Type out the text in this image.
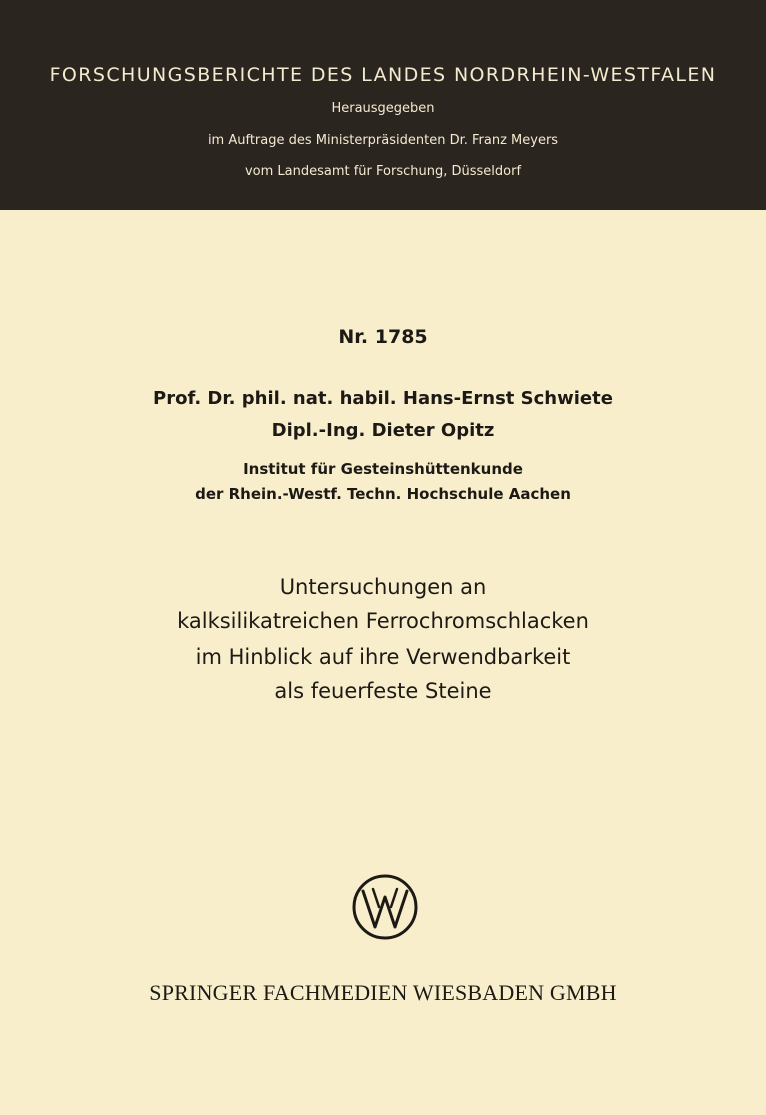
FORSCHUNGSBERICHTE DES LANDES NORDRHEIN-WESTFALEN
Herausgegeben
im Auftrage des Ministerpräsidenten Dr. Franz Meyers
vom Landesamt für Forschung, Düsseldorf
Nr. 1785
Prof. Dr. phil. nat. habil. Hans-Ernst Schwiete
Dipl.-Ing. Dieter Opitz
Institut für Gesteinshüttenkunde
der Rhein.-Westf. Techn. Hochschule Aachen
Untersuchungen an
kalksilikatreichen Ferrochromschlacken
im Hinblick auf ihre Verwendbarkeit
als feuerfeste Steine
SPRINGER FACHMEDIEN WIESBADEN GMBH
